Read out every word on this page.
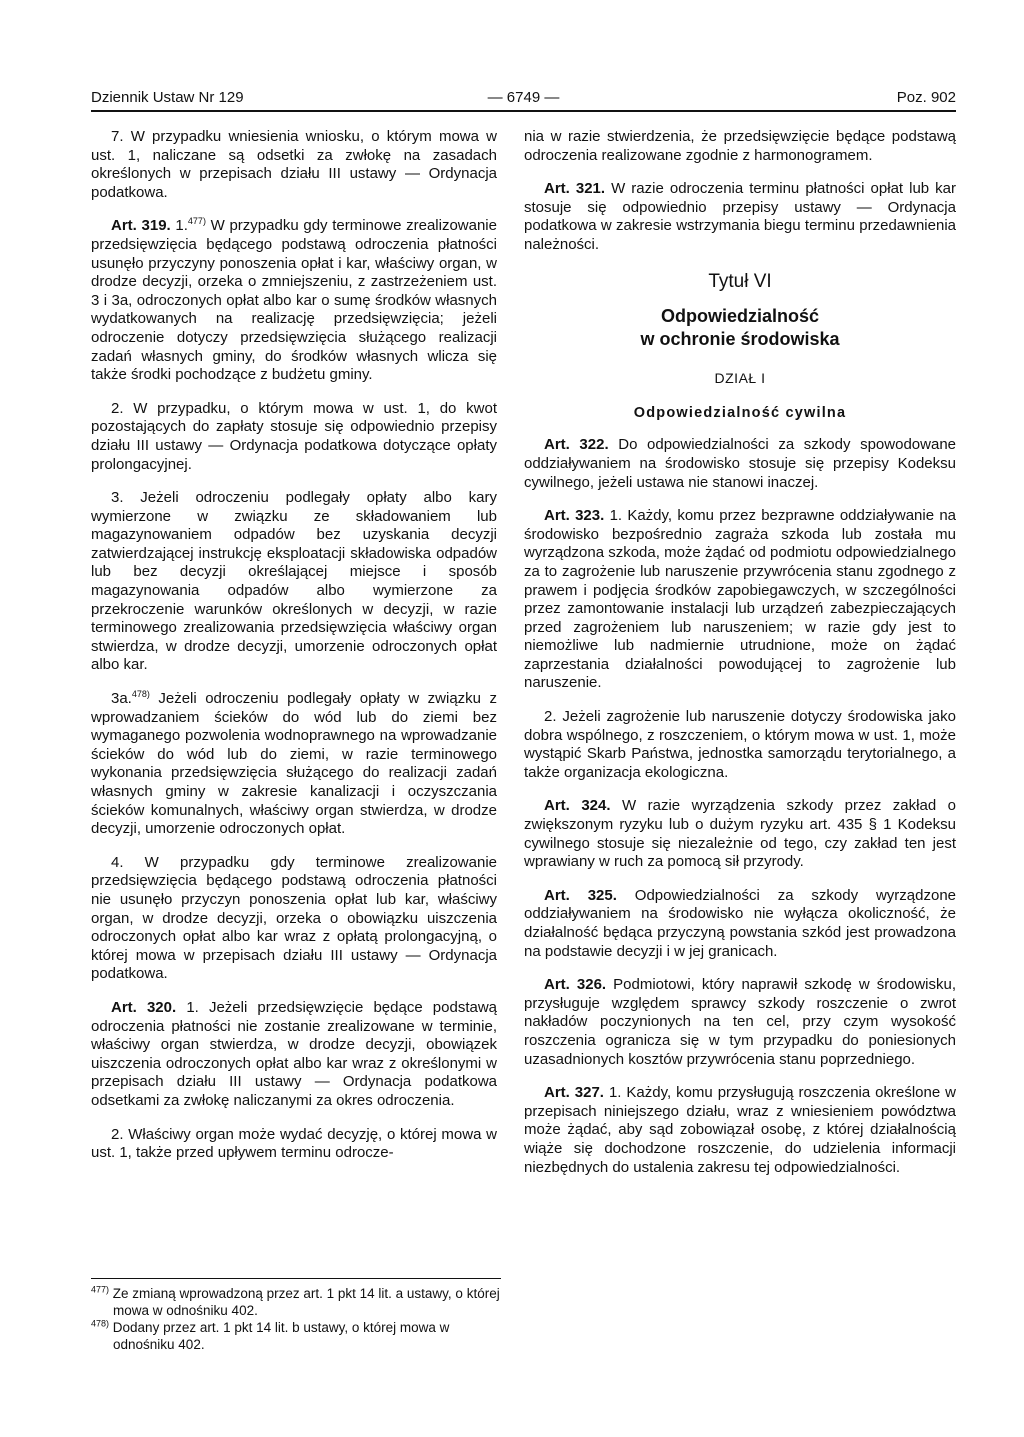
Dziennik Ustaw Nr 129	— 6749 —	Poz. 902

7. W przypadku wniesienia wniosku, o którym mowa w ust. 1, naliczane są odsetki za zwłokę na zasadach określonych w przepisach działu III ustawy — Ordynacja podatkowa.

Art. 319. 1.$^{477)}$ W przypadku gdy terminowe zrealizowanie przedsięwzięcia będącego podstawą odroczenia płatności usunęło przyczyny ponoszenia opłat i kar, właściwy organ, w drodze decyzji, orzeka o zmniejszeniu, z zastrzeżeniem ust. 3 i 3a, odroczonych opłat albo kar o sumę środków własnych wydatkowanych na realizację przedsięwzięcia; jeżeli odroczenie dotyczy przedsięwzięcia służącego realizacji zadań własnych gminy, do środków własnych wlicza się także środki pochodzące z budżetu gminy.

2. W przypadku, o którym mowa w ust. 1, do kwot pozostających do zapłaty stosuje się odpowiednio przepisy działu III ustawy — Ordynacja podatkowa dotyczące opłaty prolongacyjnej.

3. Jeżeli odroczeniu podlegały opłaty albo kary wymierzone w związku ze składowaniem lub magazynowaniem odpadów bez uzyskania decyzji zatwierdzającej instrukcję eksploatacji składowiska odpadów lub bez decyzji określającej miejsce i sposób magazynowania odpadów albo wymierzone za przekroczenie warunków określonych w decyzji, w razie terminowego zrealizowania przedsięwzięcia właściwy organ stwierdza, w drodze decyzji, umorzenie odroczonych opłat albo kar.

3a.$^{478)}$ Jeżeli odroczeniu podlegały opłaty w związku z wprowadzaniem ścieków do wód lub do ziemi bez wymaganego pozwolenia wodnoprawnego na wprowadzanie ścieków do wód lub do ziemi, w razie terminowego wykonania przedsięwzięcia służącego do realizacji zadań własnych gminy w zakresie kanalizacji i oczyszczania ścieków komunalnych, właściwy organ stwierdza, w drodze decyzji, umorzenie odroczonych opłat.

4. W przypadku gdy terminowe zrealizowanie przedsięwzięcia będącego podstawą odroczenia płatności nie usunęło przyczyn ponoszenia opłat lub kar, właściwy organ, w drodze decyzji, orzeka o obowiązku uiszczenia odroczonych opłat albo kar wraz z opłatą prolongacyjną, o której mowa w przepisach działu III ustawy — Ordynacja podatkowa.

Art. 320. 1. Jeżeli przedsięwzięcie będące podstawą odroczenia płatności nie zostanie zrealizowane w terminie, właściwy organ stwierdza, w drodze decyzji, obowiązek uiszczenia odroczonych opłat albo kar wraz z określonymi w przepisach działu III ustawy — Ordynacja podatkowa odsetkami za zwłokę naliczanymi za okres odroczenia.

2. Właściwy organ może wydać decyzję, o której mowa w ust. 1, także przed upływem terminu odrocze-

$^{477)}$ Ze zmianą wprowadzoną przez art. 1 pkt 14 lit. a ustawy, o której mowa w odnośniku 402.
$^{478)}$ Dodany przez art. 1 pkt 14 lit. b ustawy, o której mowa w odnośniku 402.

nia w razie stwierdzenia, że przedsięwzięcie będące podstawą odroczenia realizowane zgodnie z harmonogramem.

Art. 321. W razie odroczenia terminu płatności opłat lub kar stosuje się odpowiednio przepisy ustawy — Ordynacja podatkowa w zakresie wstrzymania biegu terminu przedawnienia należności.

Tytuł VI
Odpowiedzialność
w ochronie środowiska
DZIAŁ I
Odpowiedzialność cywilna

Art. 322. Do odpowiedzialności za szkody spowodowane oddziaływaniem na środowisko stosuje się przepisy Kodeksu cywilnego, jeżeli ustawa nie stanowi inaczej.

Art. 323. 1. Każdy, komu przez bezprawne oddziaływanie na środowisko bezpośrednio zagraża szkoda lub została mu wyrządzona szkoda, może żądać od podmiotu odpowiedzialnego za to zagrożenie lub naruszenie przywrócenia stanu zgodnego z prawem i podjęcia środków zapobiegawczych, w szczególności przez zamontowanie instalacji lub urządzeń zabezpieczających przed zagrożeniem lub naruszeniem; w razie gdy jest to niemożliwe lub nadmiernie utrudnione, może on żądać zaprzestania działalności powodującej to zagrożenie lub naruszenie.

2. Jeżeli zagrożenie lub naruszenie dotyczy środowiska jako dobra wspólnego, z roszczeniem, o którym mowa w ust. 1, może wystąpić Skarb Państwa, jednostka samorządu terytorialnego, a także organizacja ekologiczna.

Art. 324. W razie wyrządzenia szkody przez zakład o zwiększonym ryzyku lub o dużym ryzyku art. 435 § 1 Kodeksu cywilnego stosuje się niezależnie od tego, czy zakład ten jest wprawiany w ruch za pomocą sił przyrody.

Art. 325. Odpowiedzialności za szkody wyrządzone oddziaływaniem na środowisko nie wyłącza okoliczność, że działalność będąca przyczyną powstania szkód jest prowadzona na podstawie decyzji i w jej granicach.

Art. 326. Podmiotowi, który naprawił szkodę w środowisku, przysługuje względem sprawcy szkody roszczenie o zwrot nakładów poczynionych na ten cel, przy czym wysokość roszczenia ogranicza się w tym przypadku do poniesionych uzasadnionych kosztów przywrócenia stanu poprzedniego.

Art. 327. 1. Każdy, komu przysługują roszczenia określone w przepisach niniejszego działu, wraz z wniesieniem powództwa może żądać, aby sąd zobowiązał osobę, z której działalnością wiąże się dochodzone roszczenie, do udzielenia informacji niezbędnych do ustalenia zakresu tej odpowiedzialności.
